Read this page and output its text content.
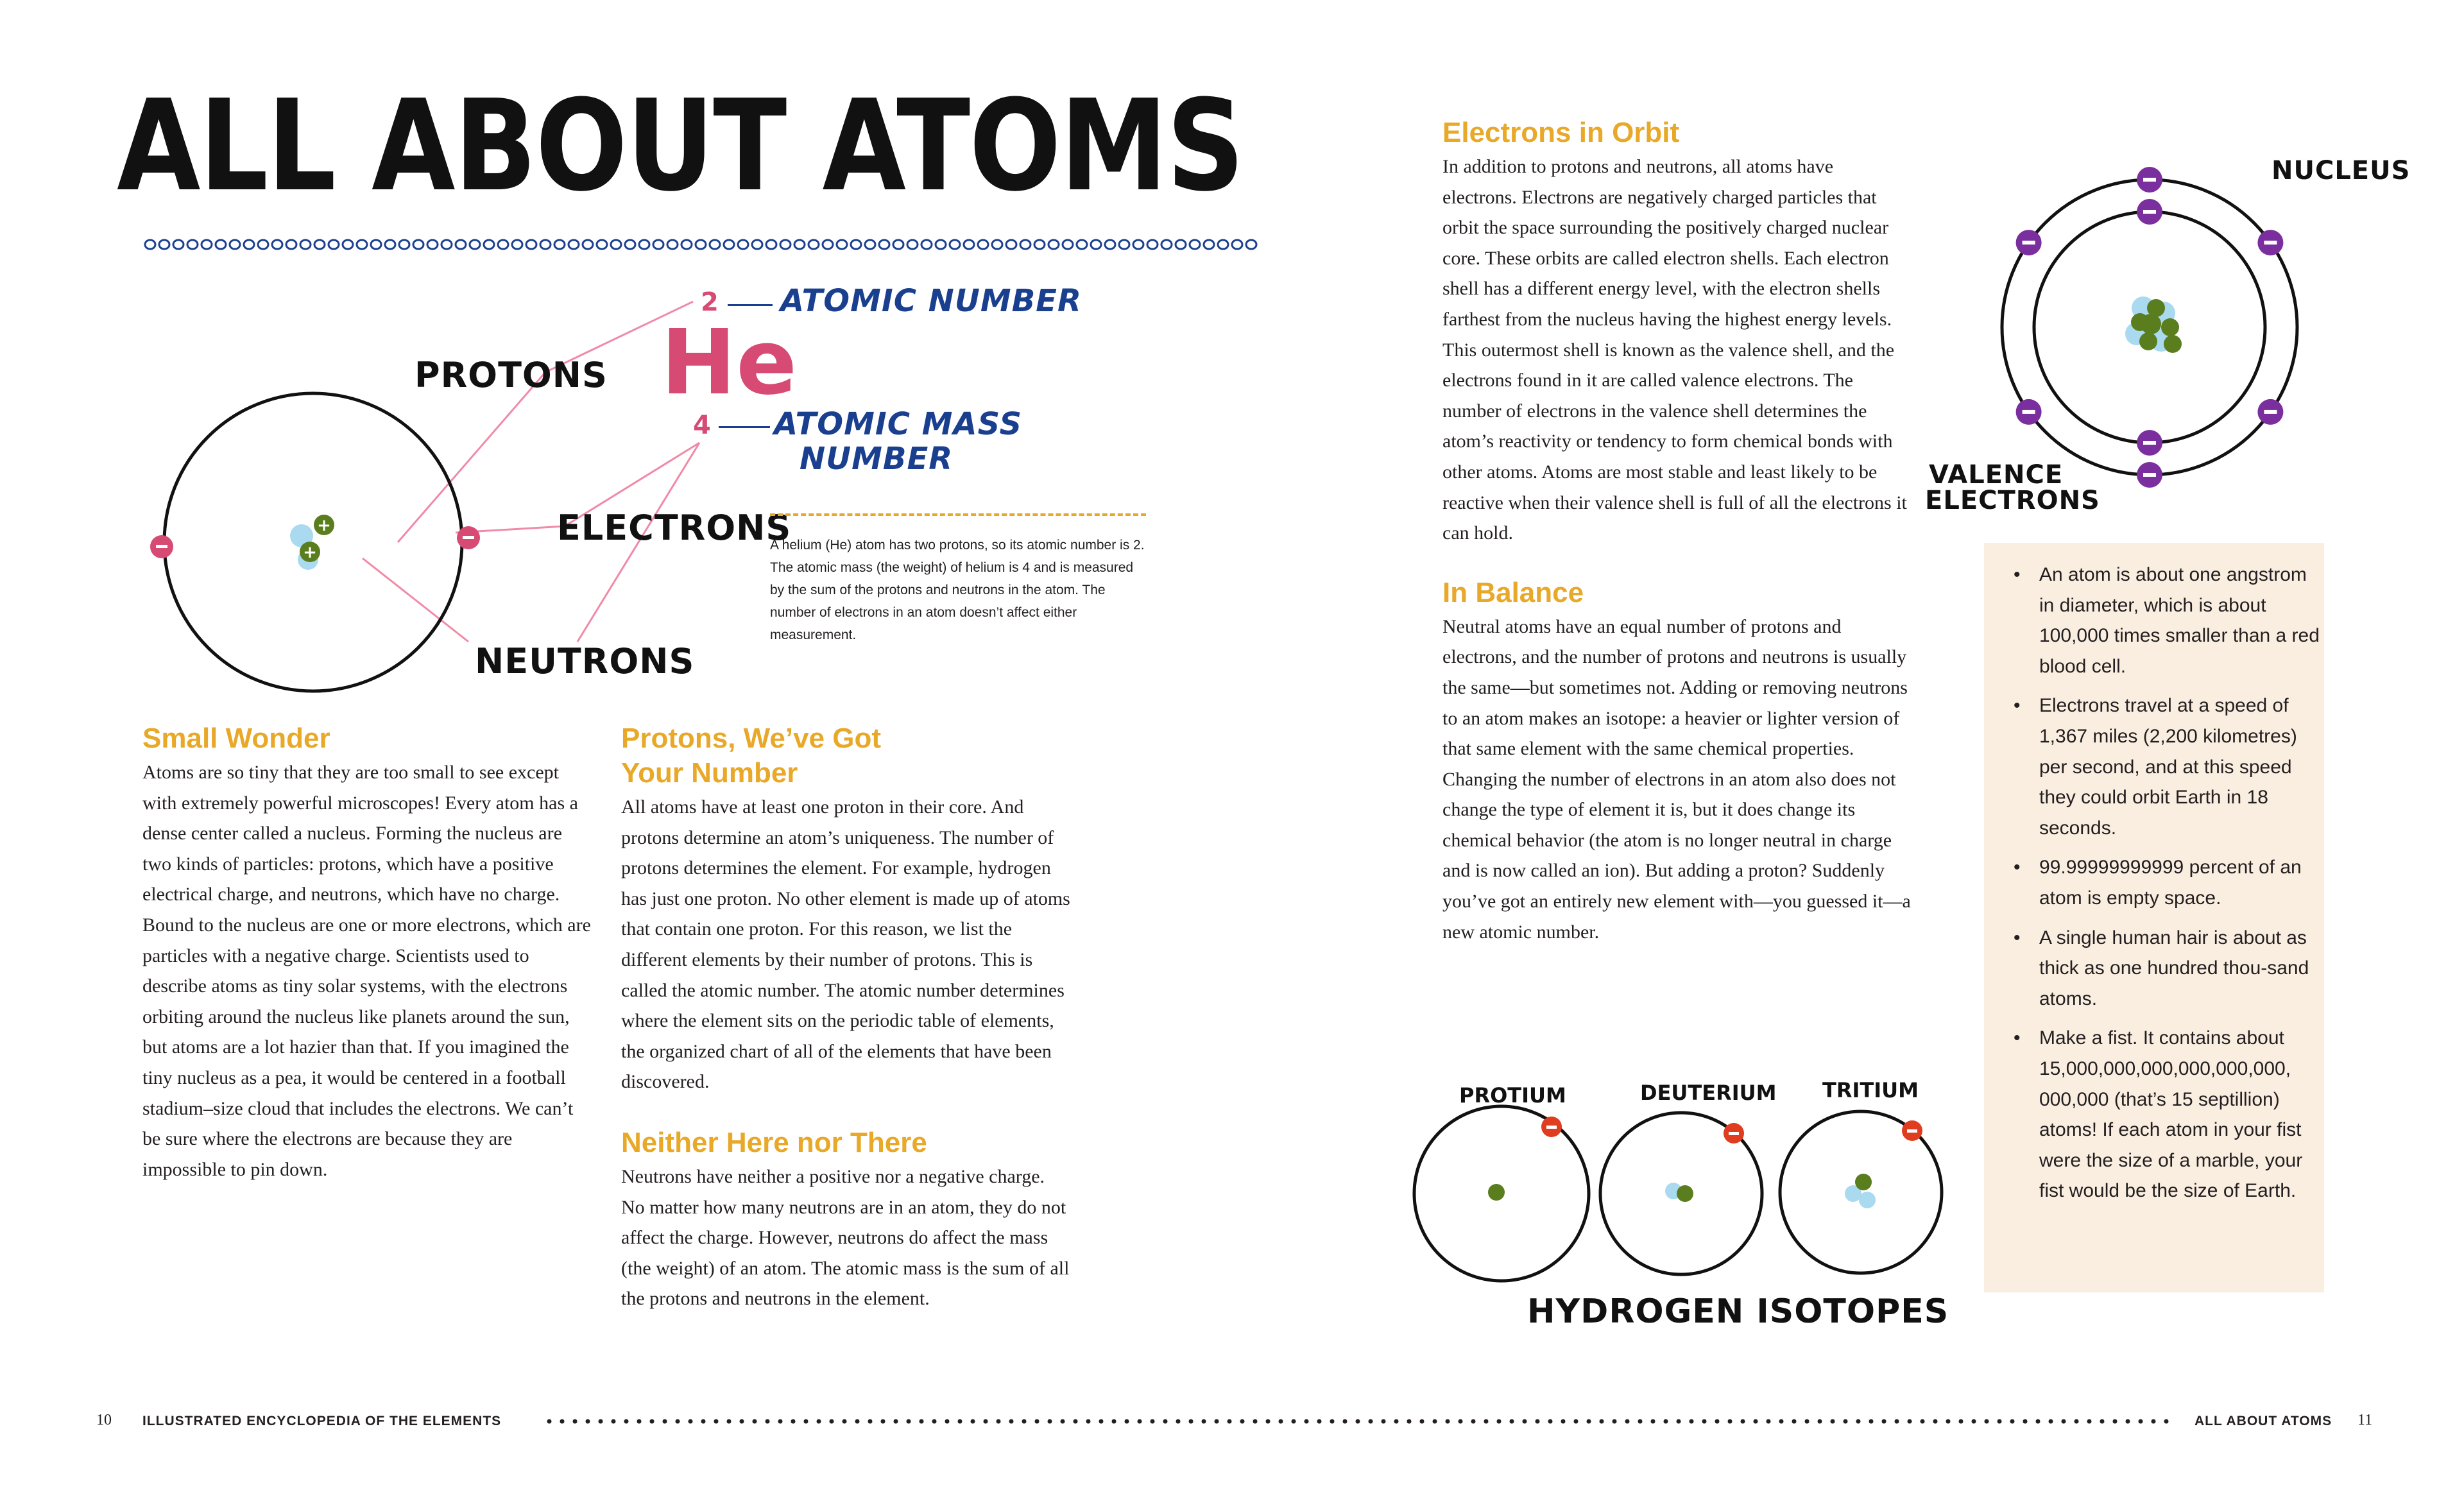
ALL ABOUT ATOMS
+
+
2 ATOMIC NUMBER
He
4 ATOMIC MASS
NUMBER
PROTONS
ELECTRONS
NEUTRONS
A helium (He) atom has two protons, so its atomic number is 2. The atomic mass (the weight) of helium is 4 and is measured by the sum of the protons and neutrons in the atom. The number of electrons in an atom doesn’t affect either measurement.
Small Wonder

Atoms are so tiny that they are too small to see except with extremely powerful microscopes! Every atom has a dense center called a nucleus. Forming the nucleus are two kinds of particles: protons, which have a positive electrical charge, and neutrons, which have no charge. Bound to the nucleus are one or more electrons, which are particles with a negative charge. Scientists used to describe atoms as tiny solar systems, with the electrons orbiting around the nucleus like planets around the sun, but atoms are a lot hazier than that. If you imagined the tiny nucleus as a pea, it would be centered in a football stadium–size cloud that includes the electrons. We can’t be sure where the electrons are because they are impossible to pin down.

Protons, We’ve Got
Your Number

All atoms have at least one proton in their core. And protons determine an atom’s uniqueness. The number of protons determines the element. For example, hydrogen has just one proton. No other element is made up of atoms that contain one proton. For this reason, we list the different elements by their number of protons. This is called the atomic number. The atomic number determines where the element sits on the periodic table of elements, the organized chart of all of the elements that have been discovered.

Neither Here nor There

Neutrons have neither a positive nor a negative charge. No matter how many neutrons are in an atom, they do not affect the charge. However, neutrons do affect the mass (the weight) of an atom. The atomic mass is the sum of all the protons and neutrons in the element.

Electrons in Orbit

In addition to protons and neutrons, all atoms have electrons. Electrons are negatively charged particles that orbit the space surrounding the positively charged nuclear core. These orbits are called electron shells. Each electron shell has a different energy level, with the electron shells farthest from the nucleus having the highest energy levels. This outermost shell is known as the valence shell, and the electrons found in it are called valence electrons. The number of electrons in the valence shell determines the atom’s reactivity or tendency to form chemical bonds with other atoms. Atoms are most stable and least likely to be reactive when their valence shell is full of all the electrons it can hold.

In Balance

Neutral atoms have an equal number of protons and electrons, and the number of protons and neutrons is usually the same—but sometimes not. Adding or removing neutrons to an atom makes an isotope: a heavier or lighter version of that same element with the same chemical properties. Changing the number of electrons in an atom also does not change the type of element it is, but it does change its chemical behavior (the atom is no longer neutral in charge and is now called an ion). But adding a proton? Suddenly you’ve got an entirely new element with—you guessed it—a new atomic number.

NUCLEUS
VALENCE
ELECTRONS
• An atom is about one angstrom in diameter, which is about 100,000 times smaller than a red blood cell.
• Electrons travel at a speed of 1,367 miles (2,200 kilometres) per second, and at this speed they could orbit Earth in 18 seconds.
• 99.99999999999 percent of an atom is empty space.
• A single human hair is about as thick as one hundred thou-sand atoms.
• Make a fist. It contains about 15,000,000,000,000,000,000, 000,000 (that’s 15 septillion) atoms! If each atom in your fist were the size of a marble, your fist would be the size of Earth.
PROTIUM	DEUTERIUM TRITIUM
HYDROGEN ISOTOPES
10 ILLUSTRATED ENCYCLOPEDIA OF THE ELEMENTS	ALL ABOUT ATOMS 11
